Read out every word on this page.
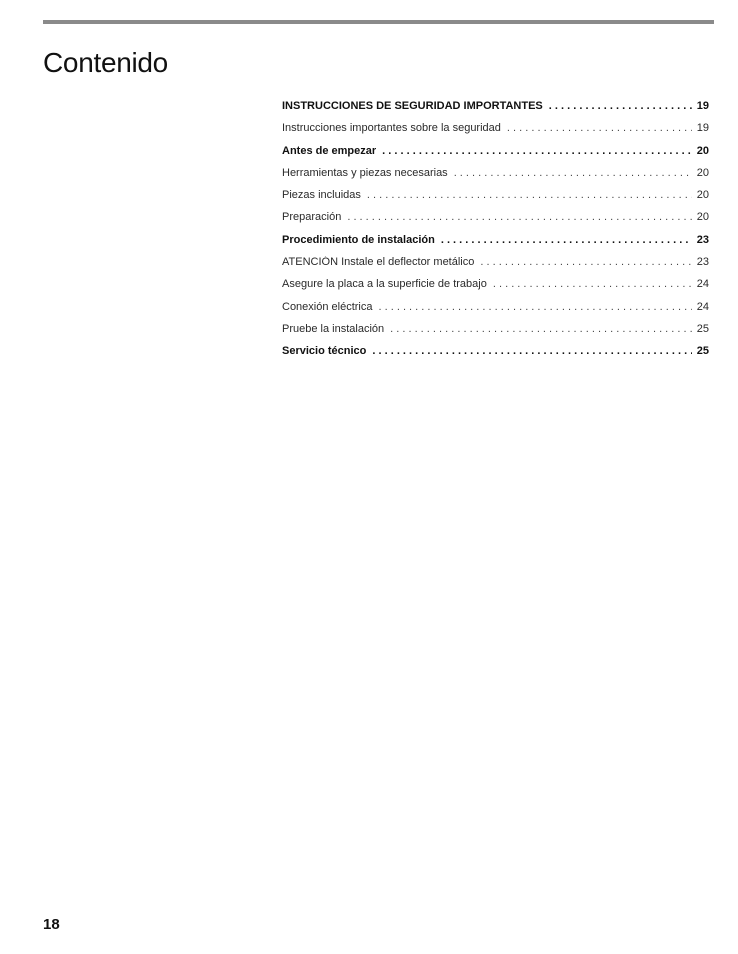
Contenido
INSTRUCCIONES DE SEGURIDAD IMPORTANTES . . .	19
Instrucciones importantes sobre la seguridad . . .	19
Antes de empezar . . .	20
Herramientas y piezas necesarias . . .	20
Piezas incluidas . . .	20
Preparación . . .	20
Procedimiento de instalación . . .	23
ATENCIÓN Instale el deflector metálico . . .	23
Asegure la placa a la superficie de trabajo . . .	24
Conexión eléctrica . . .	24
Pruebe la instalación . . .	25
Servicio técnico . . .	25
18
